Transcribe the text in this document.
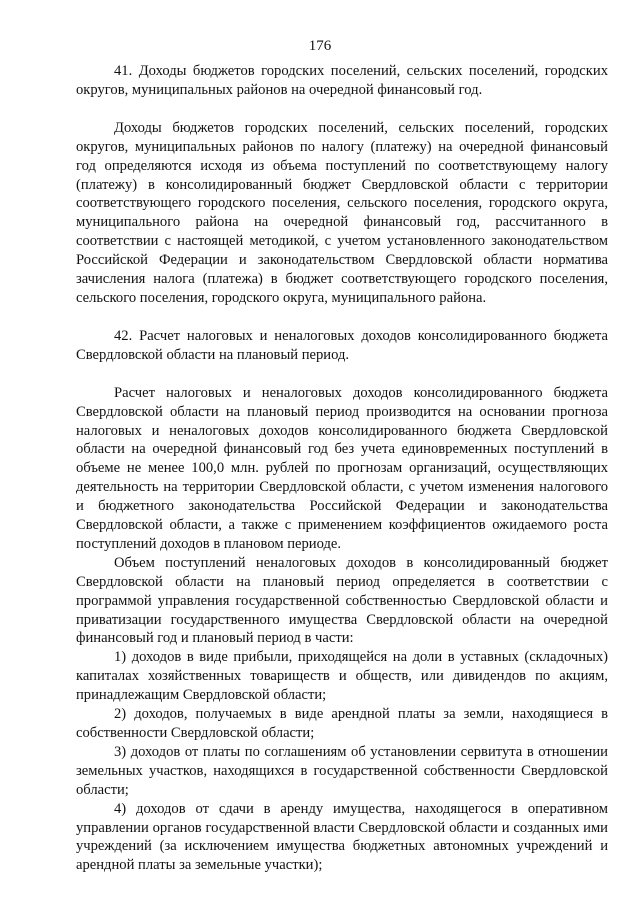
176

41. Доходы бюджетов городских поселений, сельских поселений, городских округов, муниципальных районов на очередной финансовый год.

Доходы бюджетов городских поселений, сельских поселений, городских округов, муниципальных районов по налогу (платежу) на очередной финансовый год определяются исходя из объема поступлений по соответствующему налогу (платежу) в консолидированный бюджет Свердловской области с территории соответствующего городского поселения, сельского поселения, городского округа, муниципального района на очередной финансовый год, рассчитанного в соответствии с настоящей методикой, с учетом установленного законодательством Российской Федерации и законодательством Свердловской области норматива зачисления налога (платежа) в бюджет соответствующего городского поселения, сельского поселения, городского округа, муниципального района.

42. Расчет налоговых и неналоговых доходов консолидированного бюджета Свердловской области на плановый период.

Расчет налоговых и неналоговых доходов консолидированного бюджета Свердловской области на плановый период производится на основании прогноза налоговых и неналоговых доходов консолидированного бюджета Свердловской области на очередной финансовый год без учета единовременных поступлений в объеме не менее 100,0 млн. рублей по прогнозам организаций, осуществляющих деятельность на территории Свердловской области, с учетом изменения налогового и бюджетного законодательства Российской Федерации и законодательства Свердловской области, а также с применением коэффициентов ожидаемого роста поступлений доходов в плановом периоде.

Объем поступлений неналоговых доходов в консолидированный бюджет Свердловской области на плановый период определяется в соответствии с программой управления государственной собственностью Свердловской области и приватизации государственного имущества Свердловской области на очередной финансовый год и плановый период в части:

1) доходов в виде прибыли, приходящейся на доли в уставных (складочных) капиталах хозяйственных товариществ и обществ, или дивидендов по акциям, принадлежащим Свердловской области;

2) доходов, получаемых в виде арендной платы за земли, находящиеся в собственности Свердловской области;

3) доходов от платы по соглашениям об установлении сервитута в отношении земельных участков, находящихся в государственной собственности Свердловской области;

4) доходов от сдачи в аренду имущества, находящегося в оперативном управлении органов государственной власти Свердловской области и созданных ими учреждений (за исключением имущества бюджетных автономных учреждений и арендной платы за земельные участки);
